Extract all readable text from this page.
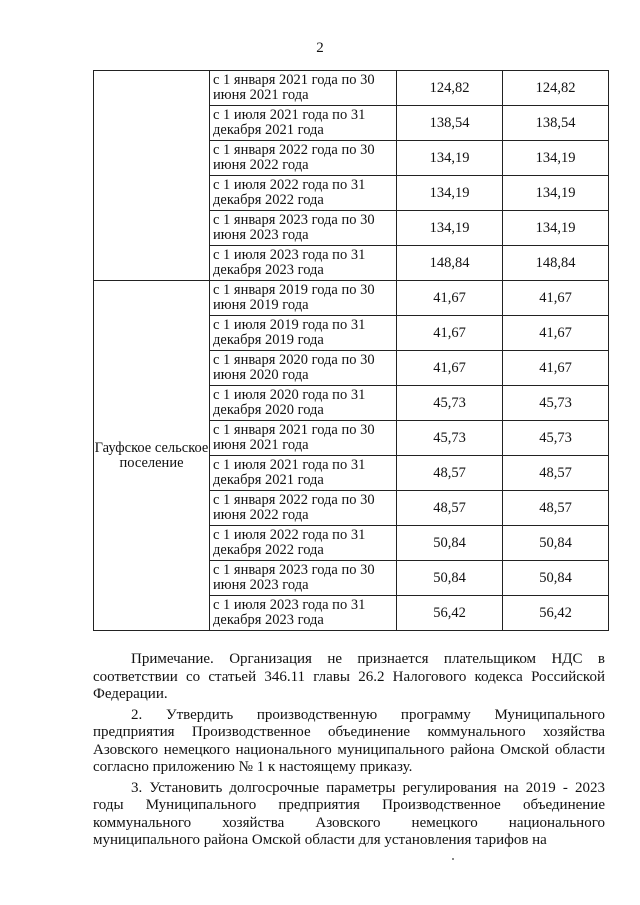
2
	с 1 января 2021 года по 30 июня 2021 года	124,82	124,82
	с 1 июля 2021 года по 31 декабря 2021 года	138,54	138,54
	с 1 января 2022 года по 30 июня 2022 года	134,19	134,19
	с 1 июля 2022 года по 31 декабря 2022 года	134,19	134,19
	с 1 января 2023 года по 30 июня 2023 года	134,19	134,19
	с 1 июля 2023 года по 31 декабря 2023 года	148,84	148,84
Гауфское сельское поселение	с 1 января 2019 года по 30 июня 2019 года	41,67	41,67
	с 1 июля 2019 года по 31 декабря 2019 года	41,67	41,67
	с 1 января 2020 года по 30 июня 2020 года	41,67	41,67
	с 1 июля 2020 года по 31 декабря 2020 года	45,73	45,73
	с 1 января 2021 года по 30 июня 2021 года	45,73	45,73
	с 1 июля 2021 года по 31 декабря 2021 года	48,57	48,57
	с 1 января 2022 года по 30 июня 2022 года	48,57	48,57
	с 1 июля 2022 года по 31 декабря 2022 года	50,84	50,84
	с 1 января 2023 года по 30 июня 2023 года	50,84	50,84
	с 1 июля 2023 года по 31 декабря 2023 года	56,42	56,42

Примечание. Организация не признается плательщиком НДС в соответствии со статьей 346.11 главы 26.2 Налогового кодекса Российской Федерации.

2. Утвердить производственную программу Муниципального предприятия Производственное объединение коммунального хозяйства Азовского немецкого национального муниципального района Омской области согласно приложению № 1 к настоящему приказу.

3. Установить долгосрочные параметры регулирования на 2019 - 2023 годы Муниципального предприятия Производственное объединение коммунального хозяйства Азовского немецкого национального муниципального района Омской области для установления тарифов на
